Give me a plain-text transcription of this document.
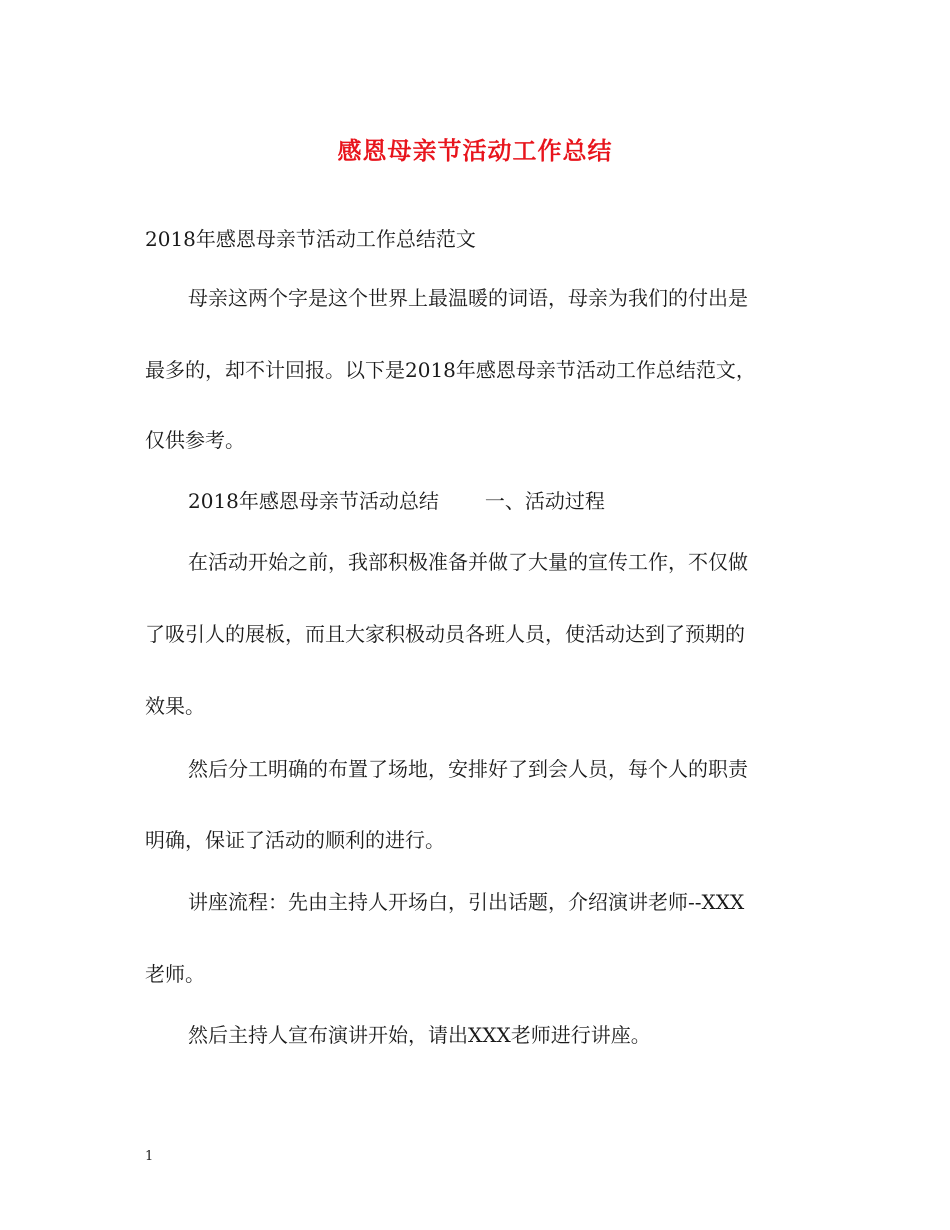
感恩母亲节活动工作总结
2018年感恩母亲节活动工作总结范文
母亲这两个字是这个世界上最温暖的词语，母亲为我们的付出是
最多的，却不计回报。以下是2018年感恩母亲节活动工作总结范文，
仅供参考。
2018年感恩母亲节活动总结 一、活动过程
在活动开始之前，我部积极准备并做了大量的宣传工作，不仅做
了吸引人的展板，而且大家积极动员各班人员，使活动达到了预期的
效果。
然后分工明确的布置了场地，安排好了到会人员，每个人的职责
明确，保证了活动的顺利的进行。
讲座流程：先由主持人开场白，引出话题，介绍演讲老师--XXX
老师。
然后主持人宣布演讲开始，请出XXX老师进行讲座。
1
